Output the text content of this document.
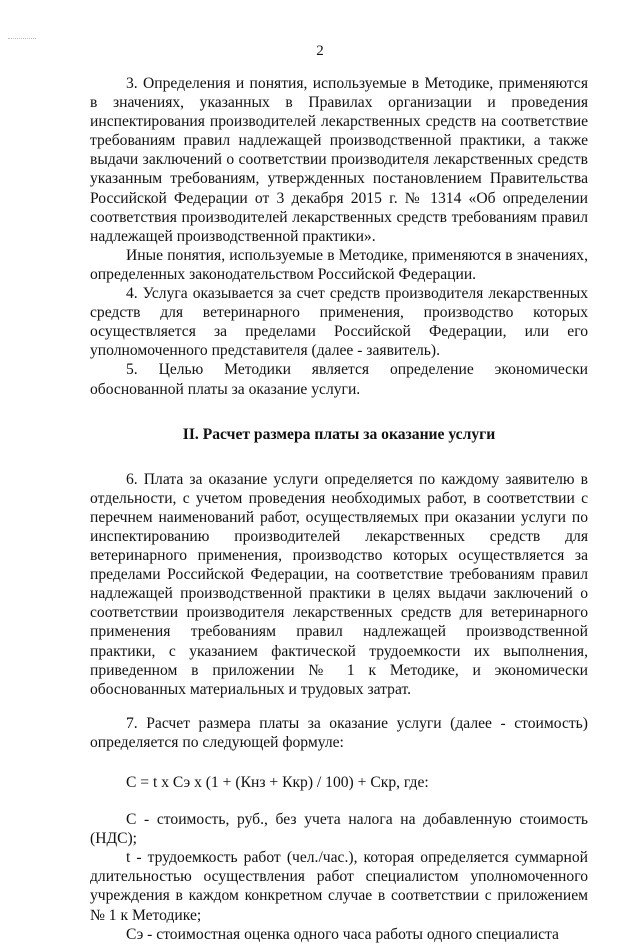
2

3. Определения и понятия, используемые в Методике, применяются в значениях, указанных в Правилах организации и проведения инспектирования производителей лекарственных средств на соответствие требованиям правил надлежащей производственной практики, а также выдачи заключений о соответствии производителя лекарственных средств указанным требованиям, утвержденных постановлением Правительства Российской Федерации от 3 декабря 2015 г. № 1314 «Об определении соответствия производителей лекарственных средств требованиям правил надлежащей производственной практики».

Иные понятия, используемые в Методике, применяются в значениях, определенных законодательством Российской Федерации.

4. Услуга оказывается за счет средств производителя лекарственных средств для ветеринарного применения, производство которых осуществляется за пределами Российской Федерации, или его уполномоченного представителя (далее - заявитель).

5. Целью Методики является определение экономически обоснованной платы за оказание услуги.

II. Расчет размера платы за оказание услуги

6. Плата за оказание услуги определяется по каждому заявителю в отдельности, с учетом проведения необходимых работ, в соответствии с перечнем наименований работ, осуществляемых при оказании услуги по инспектированию производителей лекарственных средств для ветеринарного применения, производство которых осуществляется за пределами Российской Федерации, на соответствие требованиям правил надлежащей производственной практики в целях выдачи заключений о соответствии производителя лекарственных средств для ветеринарного применения требованиям правил надлежащей производственной практики, с указанием фактической трудоемкости их выполнения, приведенном в приложении № 1 к Методике, и экономически обоснованных материальных и трудовых затрат.

7. Расчет размера платы за оказание услуги (далее - стоимость) определяется по следующей формуле:

С = t х Сэ х (1 + (Кнз + Ккр) / 100) + Скр, где:

С - стоимость, руб., без учета налога на добавленную стоимость (НДС);

t - трудоемкость работ (чел./час.), которая определяется суммарной длительностью осуществления работ специалистом уполномоченного учреждения в каждом конкретном случае в соответствии с приложением № 1 к Методике;

Сэ - стоимостная оценка одного часа работы одного специалиста
